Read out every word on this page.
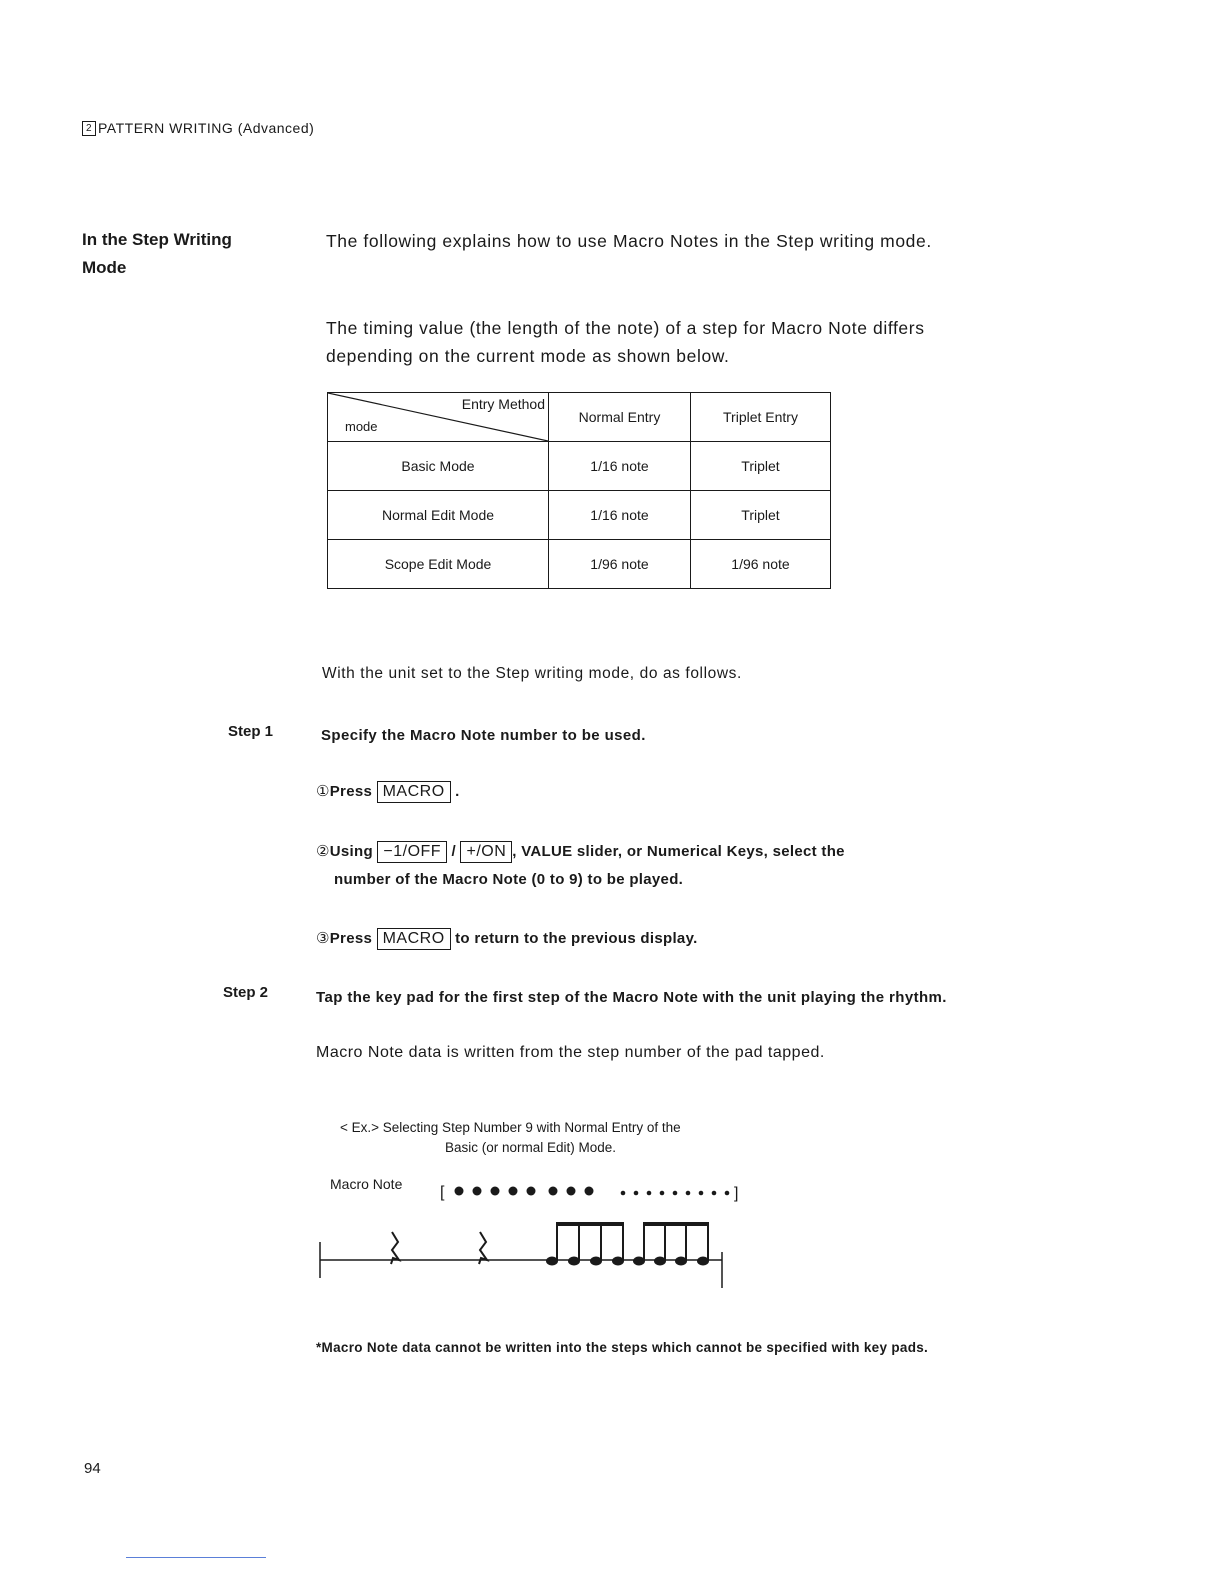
2 PATTERN WRITING (Advanced)
In the Step Writing
Mode
The following explains how to use Macro Notes in the Step writing mode.
The timing value (the length of the note) of a step for Macro Note differs depending on the current mode as shown below.
Entry Method
mode	Normal Entry	Triplet Entry
Basic Mode	1/16 note	Triplet
Normal Edit Mode	1/16 note	Triplet
Scope Edit Mode	1/96 note	1/96 note
With the unit set to the Step writing mode, do as follows.
Step 1	Specify the Macro Note number to be used.
①Press MACRO .
②Using −1/OFF / +/ON , VALUE slider, or Numerical Keys, select the
number of the Macro Note (0 to 9) to be played.
③Press MACRO to return to the previous display.
Step 2	Tap the key pad for the first step of the Macro Note with the unit playing the rhythm.
Macro Note data is written from the step number of the pad tapped.
< Ex.> Selecting Step Number 9 with Normal Entry of the
Basic (or normal Edit) Mode.
Macro Note [	]
*Macro Note data cannot be written into the steps which cannot be specified with key pads.
94
